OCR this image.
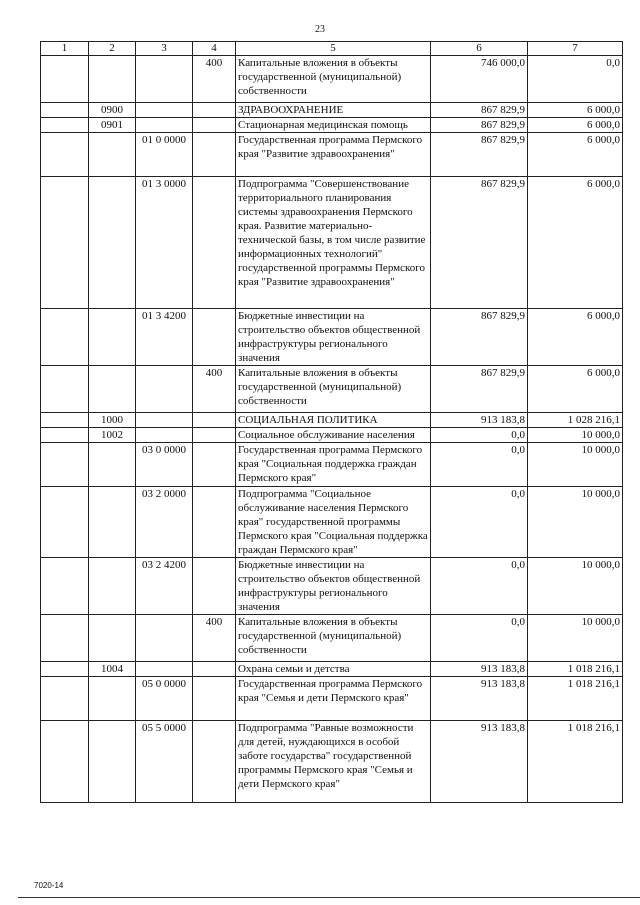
23
1	2	3	4	5	6	7
			400	Капитальные вложения в объекты государственной (муниципальной) собственности	746 000,0	0,0
	0900			ЗДРАВООХРАНЕНИЕ	867 829,9	6 000,0
	0901			Стационарная медицинская помощь	867 829,9	6 000,0
		01 0 0000		Государственная программа Пермского края "Развитие здравоохранения"	867 829,9	6 000,0
		01 3 0000		Подпрограмма "Совершенствование территориального планирования системы здравоохранения Пермского края. Развитие материально-технической базы, в том числе развитие информационных технологий" государственной программы Пермского края "Развитие здравоохранения"	867 829,9	6 000,0
		01 3 4200		Бюджетные инвестиции на строительство объектов общественной инфраструктуры регионального значения	867 829,9	6 000,0
			400	Капитальные вложения в объекты государственной (муниципальной) собственности	867 829,9	6 000,0
	1000			СОЦИАЛЬНАЯ ПОЛИТИКА	913 183,8	1 028 216,1
	1002			Социальное обслуживание населения	0,0	10 000,0
		03 0 0000		Государственная программа Пермского края "Социальная поддержка граждан Пермского края"	0,0	10 000,0
		03 2 0000		Подпрограмма "Социальное обслуживание населения Пермского края" государственной программы Пермского края "Социальная поддержка граждан Пермского края"	0,0	10 000,0
		03 2 4200		Бюджетные инвестиции на строительство объектов общественной инфраструктуры регионального значения	0,0	10 000,0
			400	Капитальные вложения в объекты государственной (муниципальной) собственности	0,0	10 000,0
	1004			Охрана семьи и детства	913 183,8	1 018 216,1
		05 0 0000		Государственная программа Пермского края "Семья и дети Пермского края"	913 183,8	1 018 216,1
		05 5 0000		Подпрограмма "Равные возможности для детей, нуждающихся в особой заботе государства" государственной программы Пермского края "Семья и дети Пермского края"	913 183,8	1 018 216,1
7020-14
